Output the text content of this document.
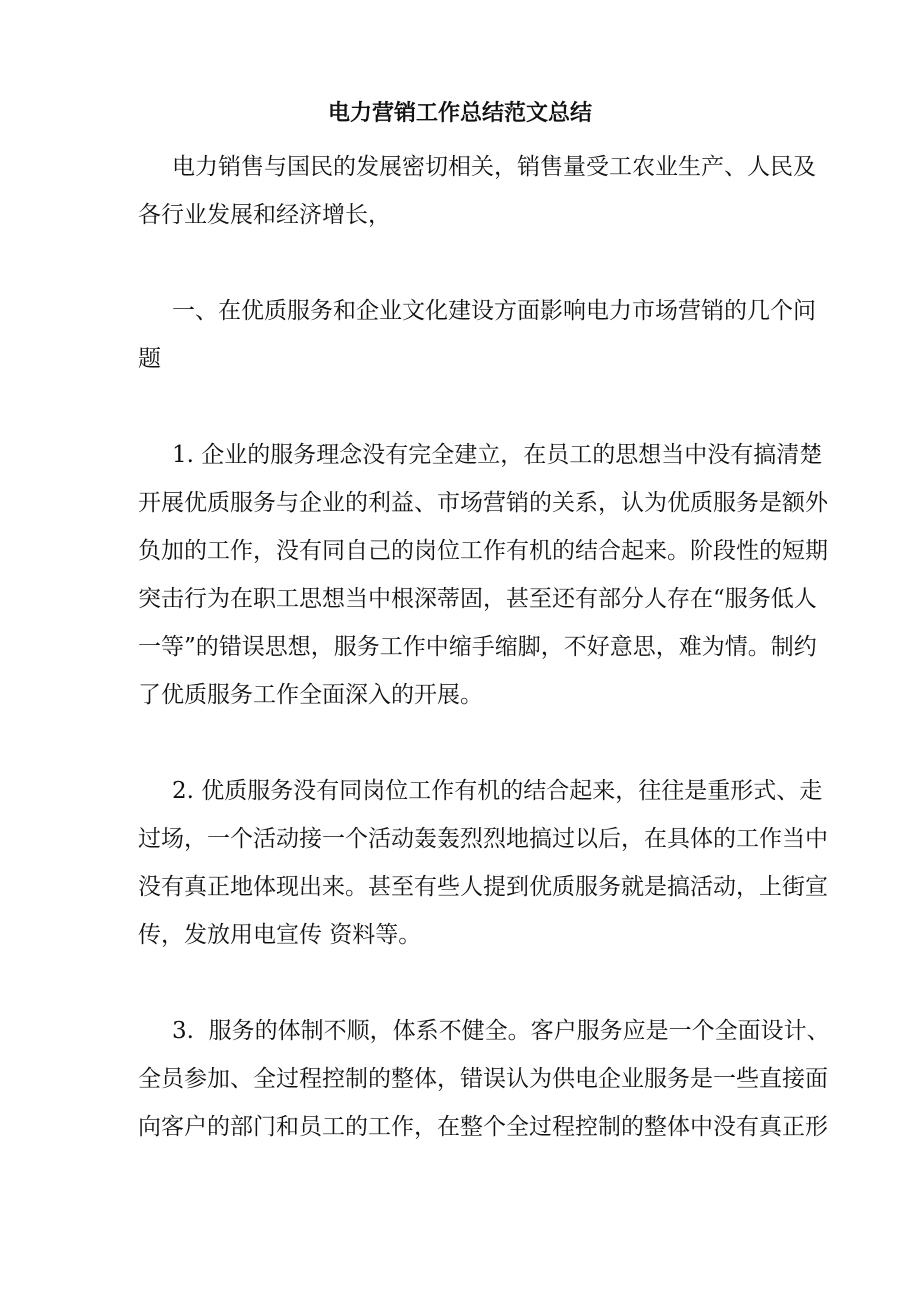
电力营销工作总结范文总结
电力销售与国民的发展密切相关，销售量受工农业生产、人民及
各行业发展和经济增长，
一、在优质服务和企业文化建设方面影响电力市场营销的几个问
题
1. 企业的服务理念没有完全建立，在员工的思想当中没有搞清楚
开展优质服务与企业的利益、市场营销的关系，认为优质服务是额外
负加的工作，没有同自己的岗位工作有机的结合起来。阶段性的短期
突击行为在职工思想当中根深蒂固，甚至还有部分人存在“服务低人
一等”的错误思想，服务工作中缩手缩脚，不好意思，难为情。制约
了优质服务工作全面深入的开展。
2. 优质服务没有同岗位工作有机的结合起来，往往是重形式、走
过场，一个活动接一个活动轰轰烈烈地搞过以后，在具体的工作当中
没有真正地体现出来。甚至有些人提到优质服务就是搞活动，上街宣
传，发放用电宣传 资料等。
3.  服务的体制不顺，体系不健全。客户服务应是一个全面设计、
全员参加、全过程控制的整体，错误认为供电企业服务是一些直接面
向客户的部门和员工的工作，在整个全过程控制的整体中没有真正形
